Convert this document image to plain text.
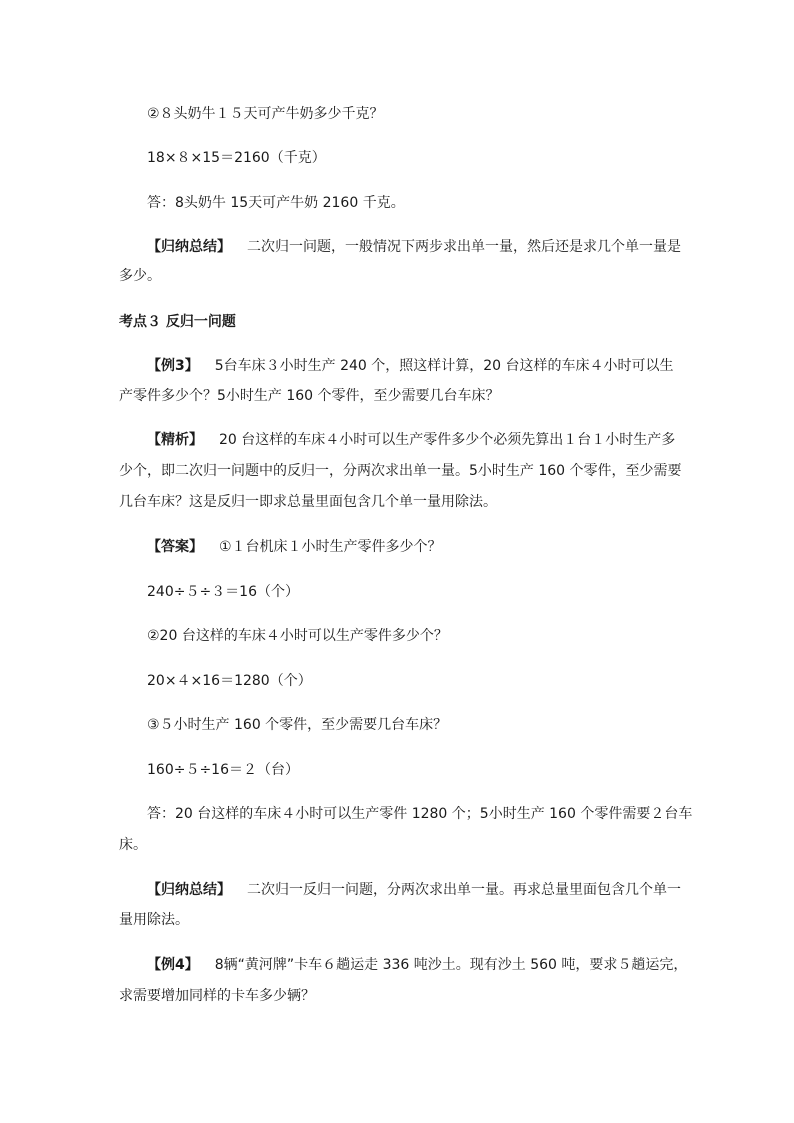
②８头奶牛１５天可产牛奶多少千克？
18×８×15＝2160（千克）
答：8头奶牛 15天可产牛奶 2160 千克。
【归纳总结】 二次归一问题，一般情况下两步求出单一量，然后还是求几个单一量是
多少。
考点３ 反归一问题
【例3】 5台车床３小时生产 240 个，照这样计算，20 台这样的车床４小时可以生
产零件多少个？5小时生产 160 个零件，至少需要几台车床？
【精析】 20 台这样的车床４小时可以生产零件多少个必须先算出１台１小时生产多
少个，即二次归一问题中的反归一，分两次求出单一量。5小时生产 160 个零件，至少需要
几台车床？这是反归一即求总量里面包含几个单一量用除法。
【答案】 ①１台机床１小时生产零件多少个？
240÷５÷３＝16（个）
②20 台这样的车床４小时可以生产零件多少个？
20×４×16＝1280（个）
③５小时生产 160 个零件，至少需要几台车床？
160÷５÷16＝２（台）
答：20 台这样的车床４小时可以生产零件 1280 个；5小时生产 160 个零件需要２台车
床。
【归纳总结】 二次归一反归一问题，分两次求出单一量。再求总量里面包含几个单一
量用除法。
【例4】 8辆“黄河牌”卡车６趟运走 336 吨沙土。现有沙土 560 吨，要求５趟运完，
求需要增加同样的卡车多少辆？
